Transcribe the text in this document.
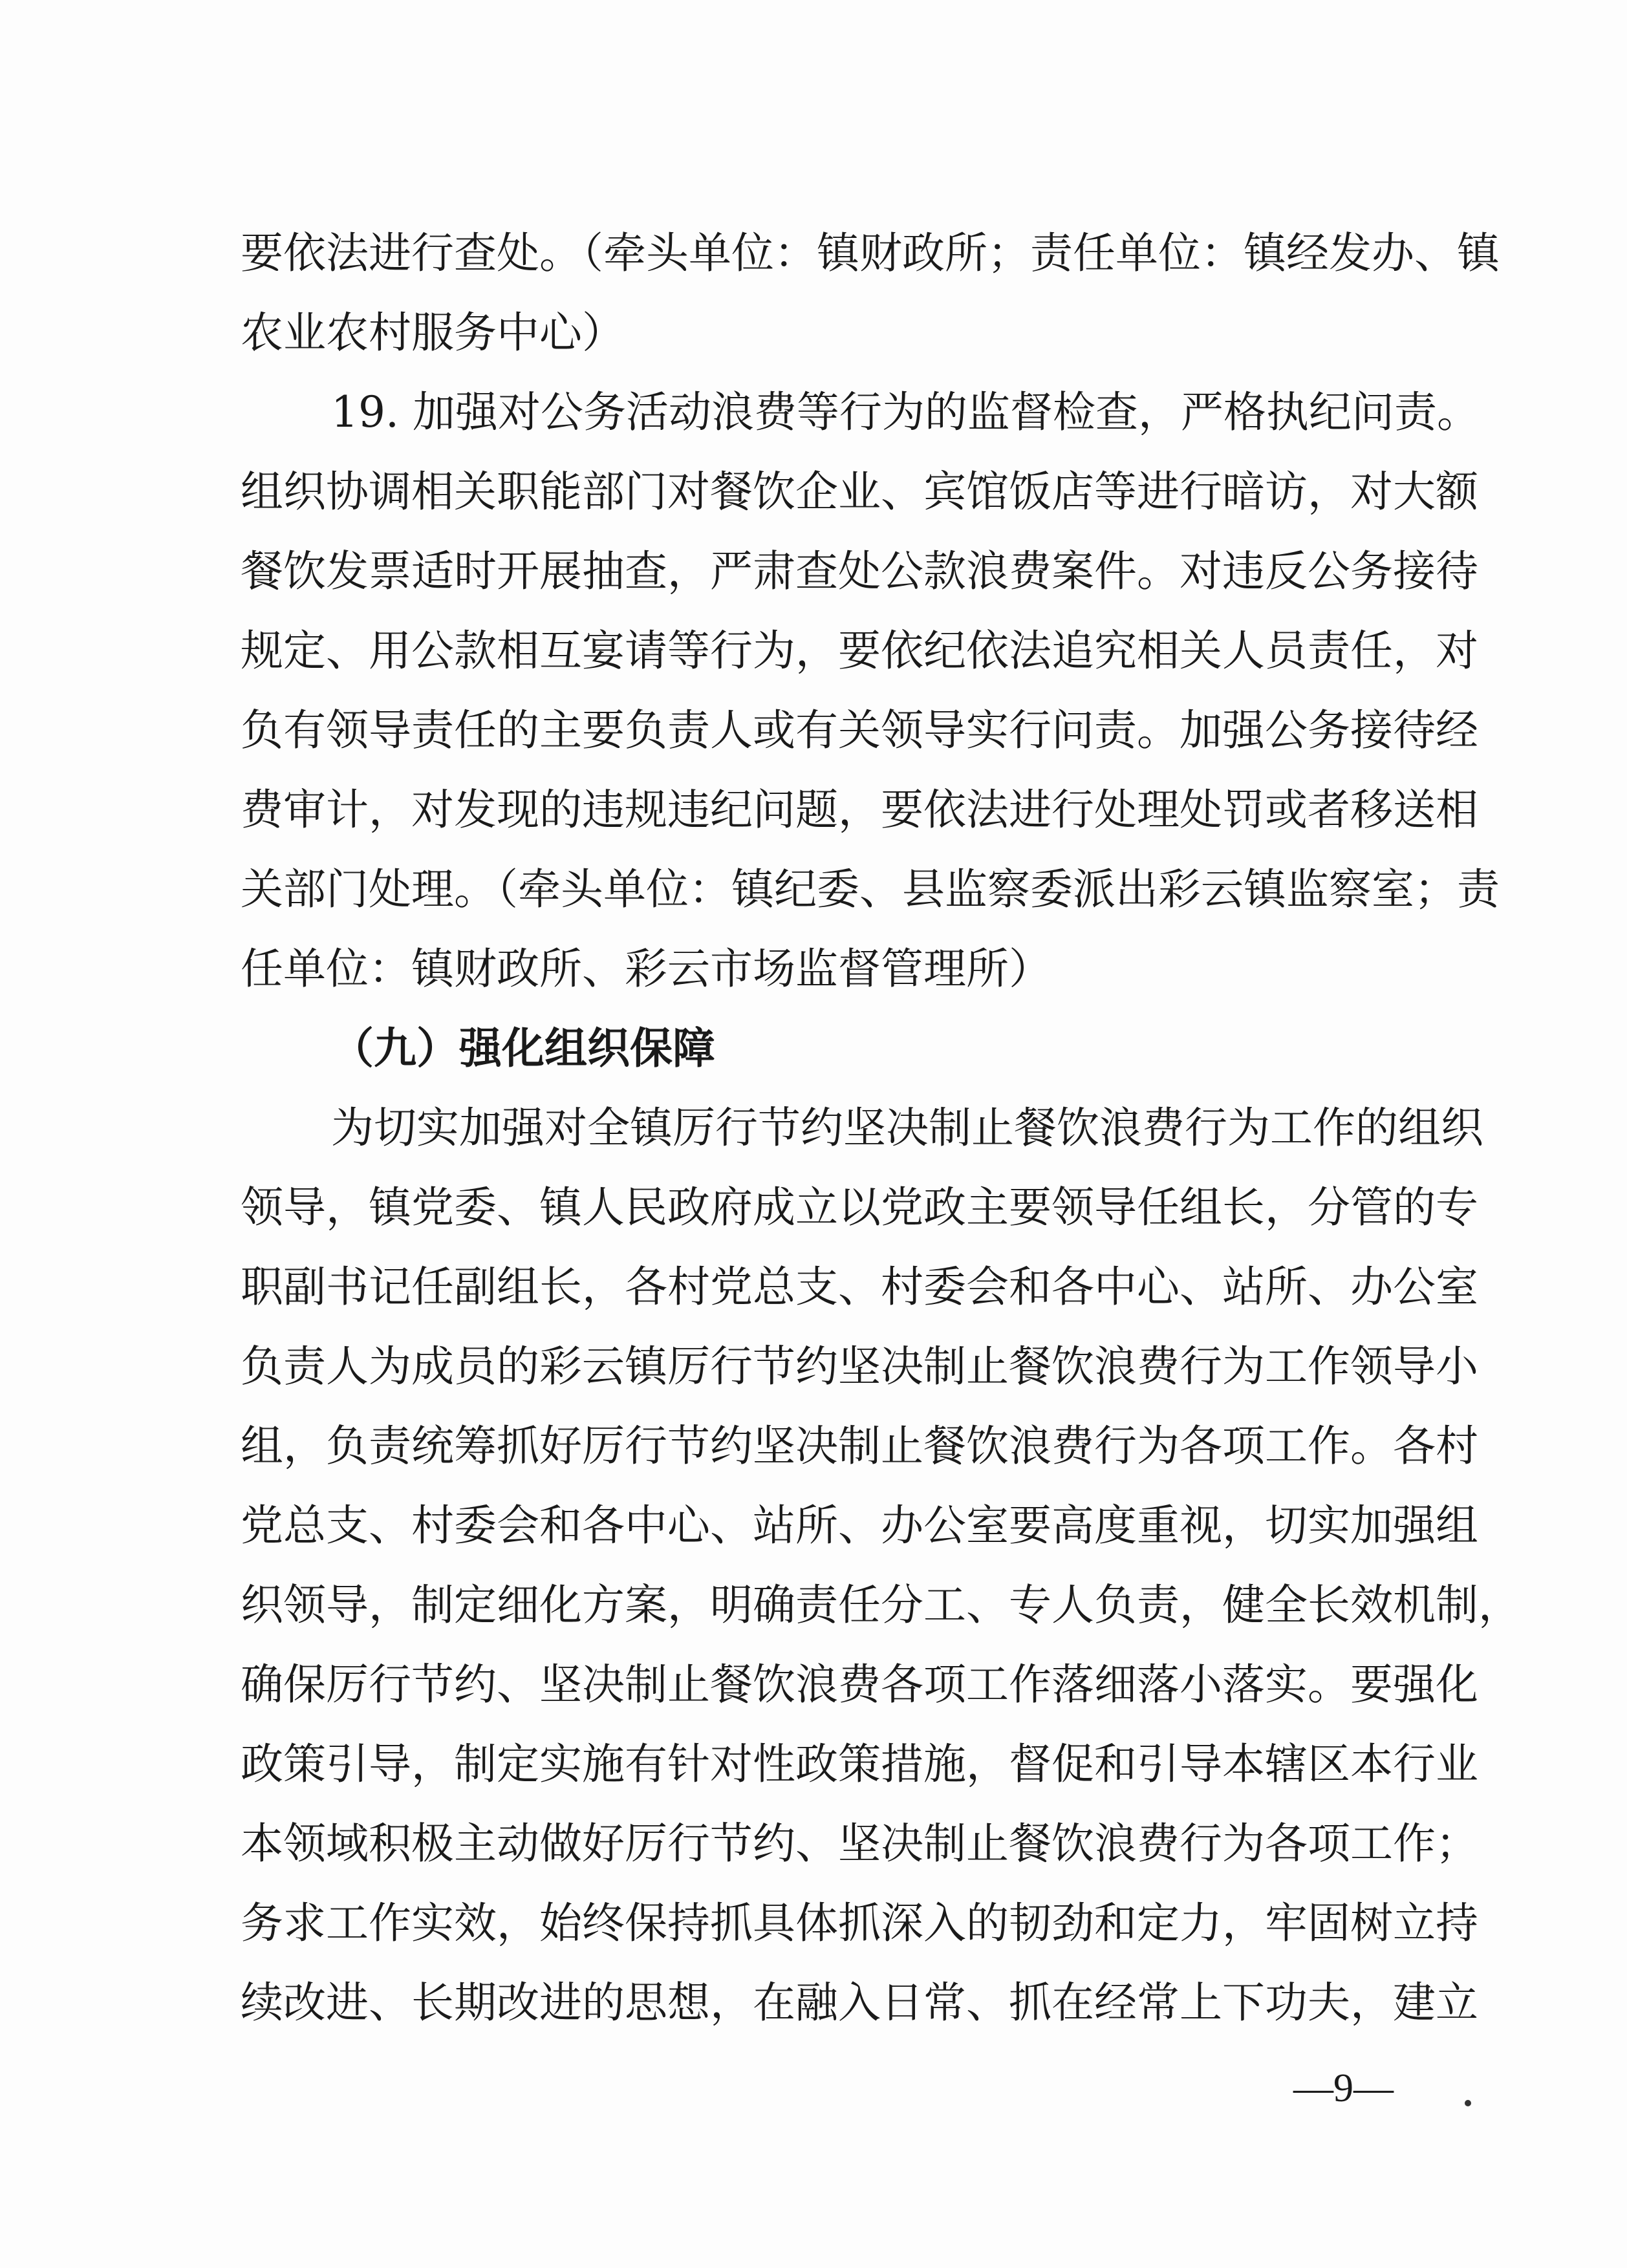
要依法进行查处。（牵头单位：镇财政所；责任单位：镇经发办、镇
农业农村服务中心）
19. 加强对公务活动浪费等行为的监督检查，严格执纪问责。
组织协调相关职能部门对餐饮企业、宾馆饭店等进行暗访，对大额
餐饮发票适时开展抽查，严肃查处公款浪费案件。对违反公务接待
规定、用公款相互宴请等行为，要依纪依法追究相关人员责任，对
负有领导责任的主要负责人或有关领导实行问责。加强公务接待经
费审计，对发现的违规违纪问题，要依法进行处理处罚或者移送相
关部门处理。（牵头单位：镇纪委、县监察委派出彩云镇监察室；责
任单位：镇财政所、彩云市场监督管理所）
（九）强化组织保障
为切实加强对全镇厉行节约坚决制止餐饮浪费行为工作的组织
领导，镇党委、镇人民政府成立以党政主要领导任组长，分管的专
职副书记任副组长，各村党总支、村委会和各中心、站所、办公室
负责人为成员的彩云镇厉行节约坚决制止餐饮浪费行为工作领导小
组，负责统筹抓好厉行节约坚决制止餐饮浪费行为各项工作。各村
党总支、村委会和各中心、站所、办公室要高度重视，切实加强组
织领导，制定细化方案，明确责任分工、专人负责，健全长效机制，
确保厉行节约、坚决制止餐饮浪费各项工作落细落小落实。要强化
政策引导，制定实施有针对性政策措施，督促和引导本辖区本行业
本领域积极主动做好厉行节约、坚决制止餐饮浪费行为各项工作；
务求工作实效，始终保持抓具体抓深入的韧劲和定力，牢固树立持
续改进、长期改进的思想，在融入日常、抓在经常上下功夫，建立
—9—
